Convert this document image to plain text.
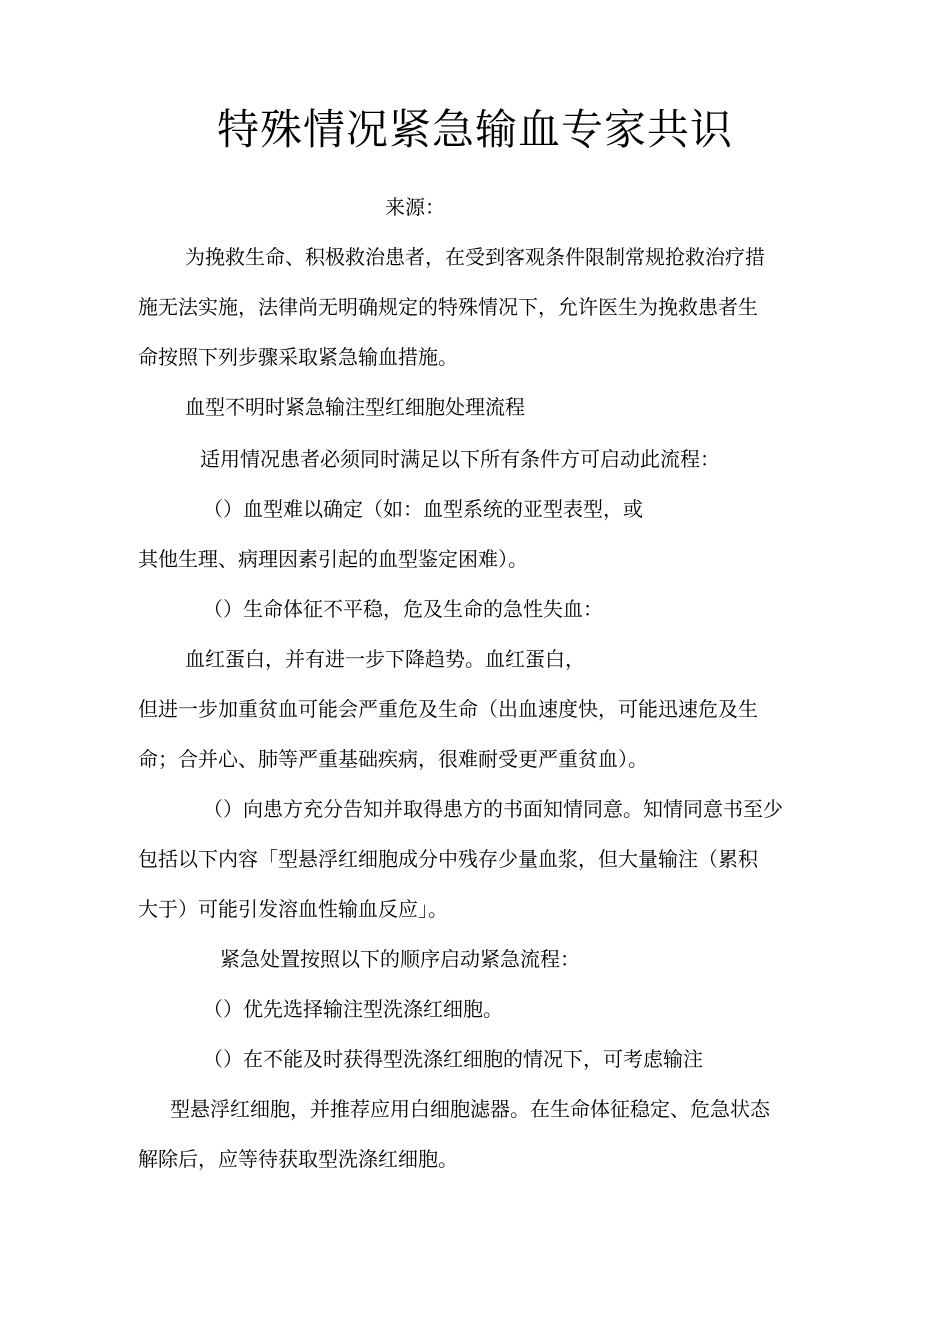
特殊情况紧急输血专家共识
来源：
为挽救生命、积极救治患者，在受到客观条件限制常规抢救治疗措
施无法实施，法律尚无明确规定的特殊情况下，允许医生为挽救患者生
命按照下列步骤采取紧急输血措施。
血型不明时紧急输注型红细胞处理流程
适用情况患者必须同时满足以下所有条件方可启动此流程：
（）血型难以确定（如：血型系统的亚型表型，或
其他生理、病理因素引起的血型鉴定困难）。
（）生命体征不平稳，危及生命的急性失血：
血红蛋白，并有进一步下降趋势。血红蛋白，
但进一步加重贫血可能会严重危及生命（出血速度快，可能迅速危及生
命；合并心、肺等严重基础疾病，很难耐受更严重贫血）。
（）向患方充分告知并取得患方的书面知情同意。知情同意书至少
包括以下内容「型悬浮红细胞成分中残存少量血浆，但大量输注（累积
大于）可能引发溶血性输血反应」。
紧急处置按照以下的顺序启动紧急流程：
（）优先选择输注型洗涤红细胞。
（）在不能及时获得型洗涤红细胞的情况下，可考虑输注
型悬浮红细胞，并推荐应用白细胞滤器。在生命体征稳定、危急状态
解除后，应等待获取型洗涤红细胞。
